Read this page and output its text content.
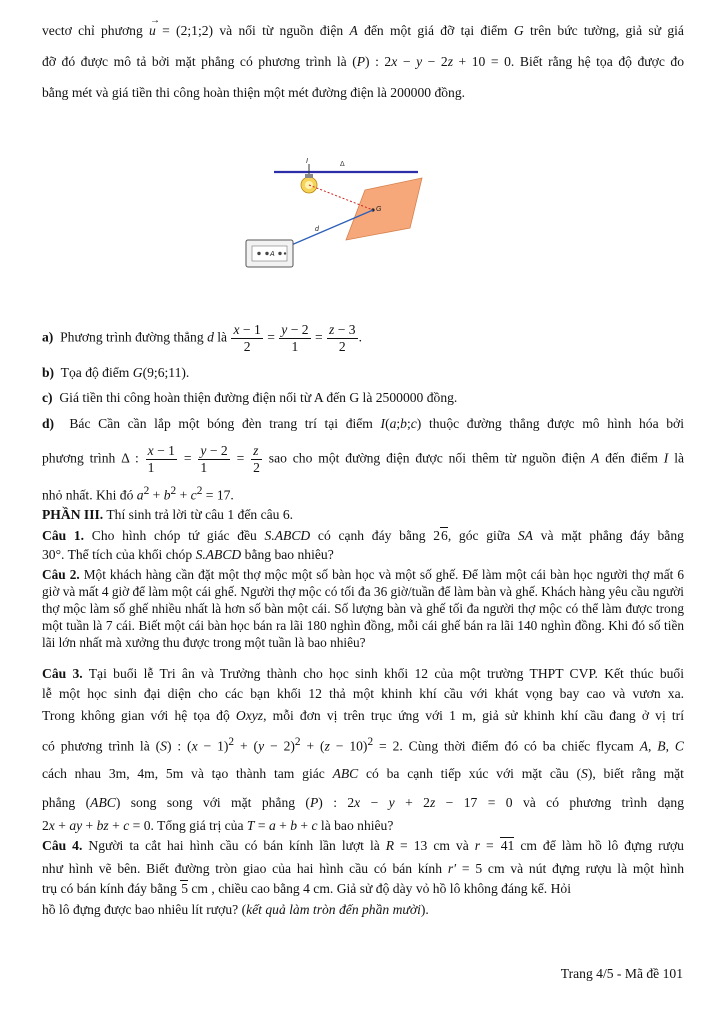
vectơ chỉ phương u
→
= (2;1;2) và nối từ nguồn điện A đến một giá đỡ tại điểm G trên bức tường, giả sử giá

đỡ đó được mô tả bởi mặt phẳng có phương trình là (P) : 2x − y − 2z + 10 = 0. Biết rằng hệ tọa độ được đo

bằng mét và giá tiền thi công hoàn thiện một mét đường điện là 200000 đồng.

Δ
I
G
d
A

a) Phương trình đường thẳng d là $\frac{x - 1}{2} = \frac{y - 2}{1} = \frac{z - 3}{2}$ .

b) Tọa độ điểm G(9;6;11).

c) Giá tiền thi công hoàn thiện đường điện nối từ A đến G là 2500000 đồng.

d) Bác Cần cần lắp một bóng đèn trang trí tại điểm I(a;b;c) thuộc đường thẳng được mô hình hóa bởi

phương trình Δ : $\frac{x - 1}{1} = \frac{y - 2}{1} = \frac{z}{2}$ sao cho một đường điện được nối thêm từ nguồn điện A đến điểm I là

nhỏ nhất. Khi đó $a^2 + b^2 + c^2 = 17$.

PHẦN III. Thí sinh trả lời từ câu 1 đến câu 6.

Câu 1. Cho hình chóp tứ giác đều S.ABCD có cạnh đáy bằng 26, góc giữa SA và mặt phẳng đáy bằng

30°. Thể tích của khối chóp S.ABCD bằng bao nhiêu?

Câu 2. Một khách hàng cần đặt một thợ mộc một số bàn học và một số ghế. Để làm một cái bàn học người thợ mất 6 giờ và mất 4 giờ để làm một cái ghế. Người thợ mộc có tối đa 36 giờ/tuần để làm bàn và ghế. Khách hàng yêu cầu người thợ mộc làm số ghế nhiều nhất là hơn số bàn một cái. Số lượng bàn và ghế tối đa người thợ mộc có thể làm được trong một tuần là 7 cái. Biết một cái bàn học bán ra lãi 180 nghìn đồng, mỗi cái ghế bán ra lãi 140 nghìn đồng. Khi đó số tiền lãi lớn nhất mà xưởng thu được trong một tuần là bao nhiêu?

Câu 3. Tại buổi lễ Tri ân và Trưởng thành cho học sinh khối 12 của một trường THPT CVP. Kết thúc buổi

lễ một học sinh đại diện cho các bạn khối 12 thả một khinh khí cầu với khát vọng bay cao và vươn xa.

Trong không gian với hệ tọa độ Oxyz, mỗi đơn vị trên trục ứng với 1 m, giả sử khinh khí cầu đang ở vị trí

có phương trình là (S) : $(x - 1)^2 + (y - 2)^2 + (z - 10)^2 = 2$. Cùng thời điểm đó có ba chiếc flycam A, B, C

cách nhau 3m, 4m, 5m và tạo thành tam giác ABC có ba cạnh tiếp xúc với mặt cầu (S), biết rằng mặt

phẳng (ABC) song song với mặt phẳng (P) : 2x − y + 2z − 17 = 0 và có phương trình dạng

2x + ay + bz + c = 0. Tổng giá trị của T = a + b + c là bao nhiêu?

Câu 4. Người ta cắt hai hình cầu có bán kính lần lượt là R = 13 cm và r = 41 cm để làm hồ lô đựng rượu

như hình vẽ bên. Biết đường tròn giao của hai hình cầu có bán kính r′ = 5 cm và nút đựng rượu là một hình

trụ có bán kính đáy bằng 5 cm , chiều cao bằng 4 cm. Giả sử độ dày vỏ hồ lô không đáng kể. Hỏi

hồ lô đựng được bao nhiêu lít rượu? (kết quả làm tròn đến phần mười).

Trang 4/5 - Mã đề 101
